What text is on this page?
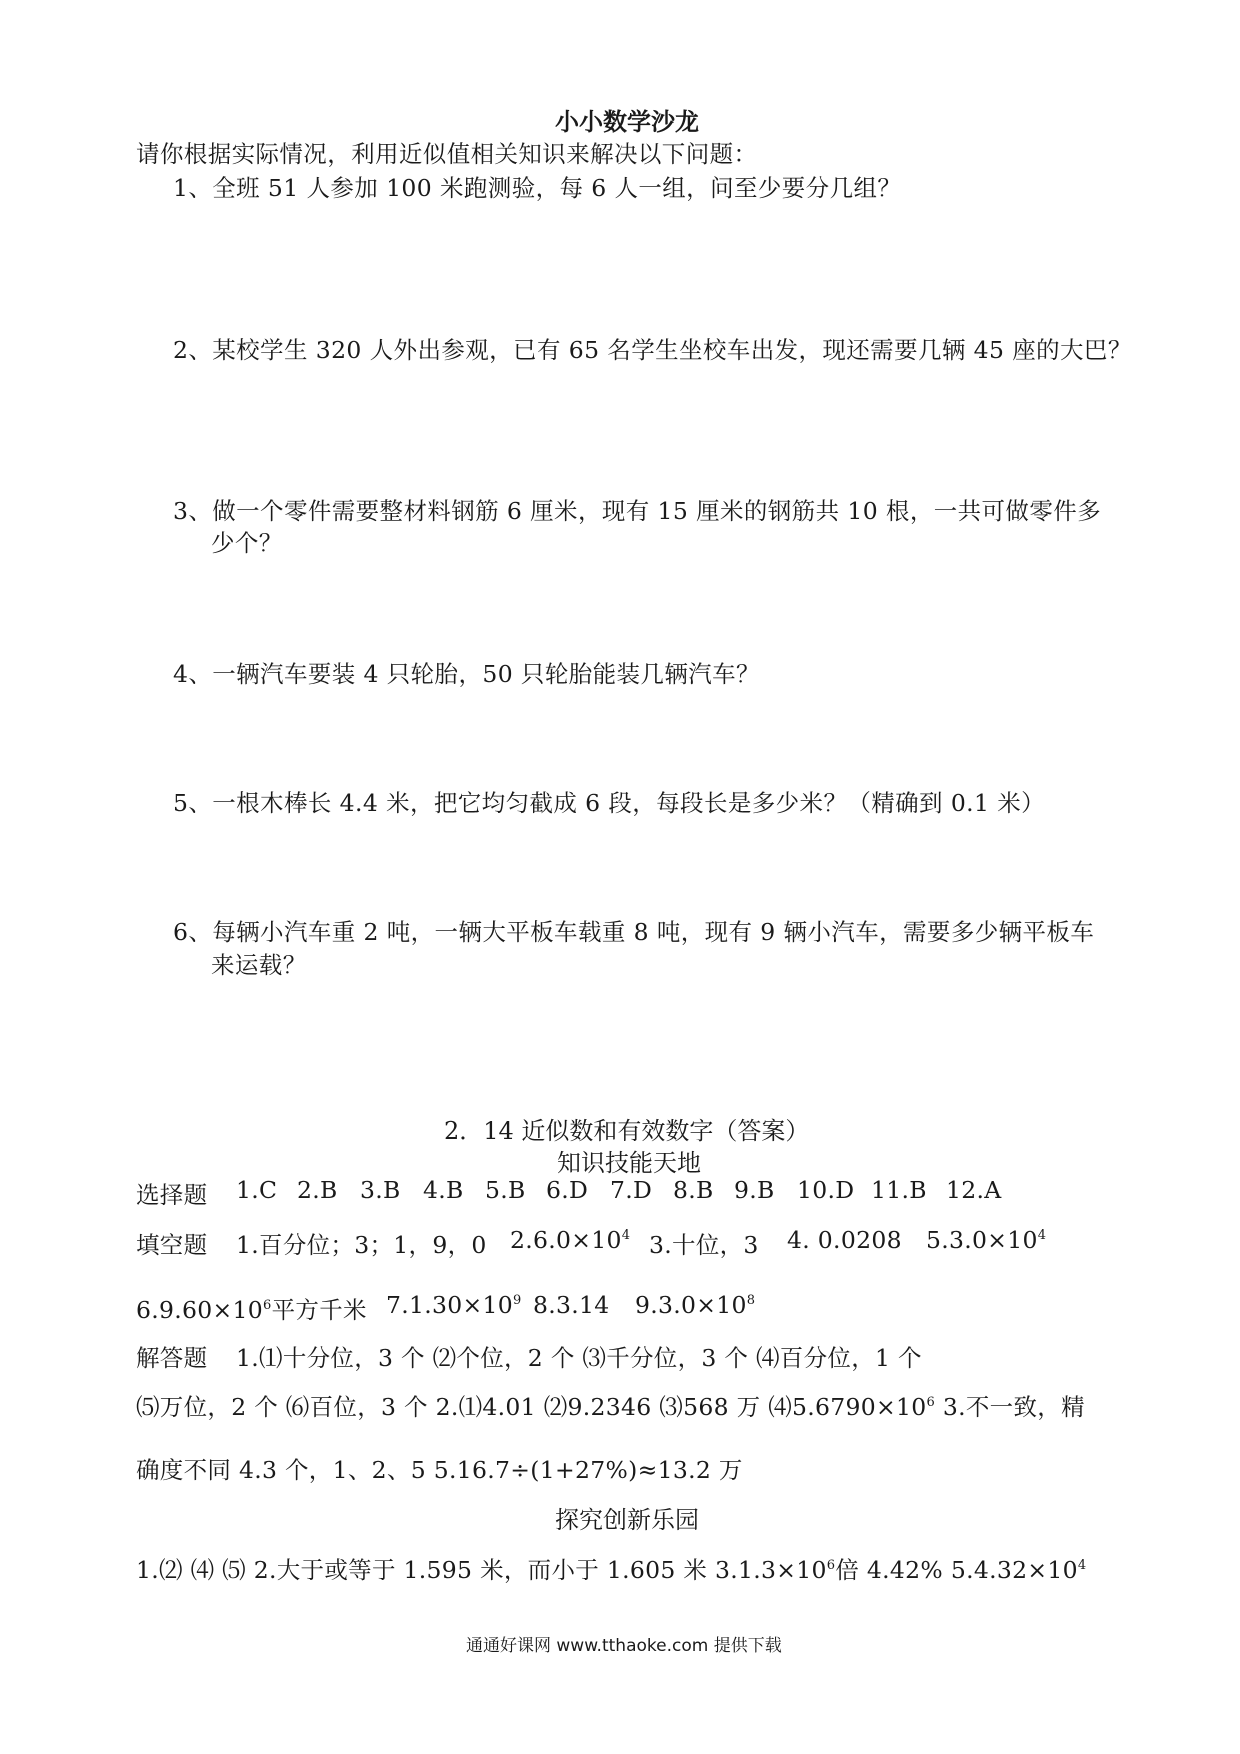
小小数学沙龙
请你根据实际情况，利用近似值相关知识来解决以下问题：
1、全班 51 人参加 100 米跑测验，每 6 人一组，问至少要分几组？
2、某校学生 320 人外出参观，已有 65 名学生坐校车出发，现还需要几辆 45 座的大巴？
3、做一个零件需要整材料钢筋 6 厘米，现有 15 厘米的钢筋共 10 根，一共可做零件多
少个？
4、一辆汽车要装 4 只轮胎，50 只轮胎能装几辆汽车？
5、一根木棒长 4.4 米，把它均匀截成 6 段，每段长是多少米？（精确到 0.1 米）
6、每辆小汽车重 2 吨，一辆大平板车载重 8 吨，现有 9 辆小汽车，需要多少辆平板车
来运载？
2．14 近似数和有效数字（答案）
知识技能天地
选择题 1.C 2.B 3.B 4.B 5.B 6.D 7.D 8.B 9.B 10.D 11.B 12.A
填空题 1.百分位；3；1，9，0 $2.6.0\times 10^4$ 3.十位，3 4. 0.0208 $5.3.0\times 10^4$
$6.9.60\times 10^6$平方千米 $7.1.30\times 10^9$ 8.3.14 $9.3.0\times 10^8$
解答题 1.⑴十分位，3 个 ⑵个位，2 个 ⑶千分位，3 个 ⑷百分位，1 个
⑸万位，2 个 ⑹百位，3 个 2.⑴4.01 ⑵9.2346 ⑶568 万 $⑷5.6790\times 10^6$ 3.不一致，精
确度不同 4.3 个，1、2、5 5.16.7÷(1+27%)≈13.2 万
探究创新乐园
1.⑵ ⑷ ⑸ 2.大于或等于 1.595 米，而小于 1.605 米 $3.1.3\times 10^6$倍 4.42% $5.4.32\times 10^4$
通通好课网 www.tthaoke.com 提供下载
